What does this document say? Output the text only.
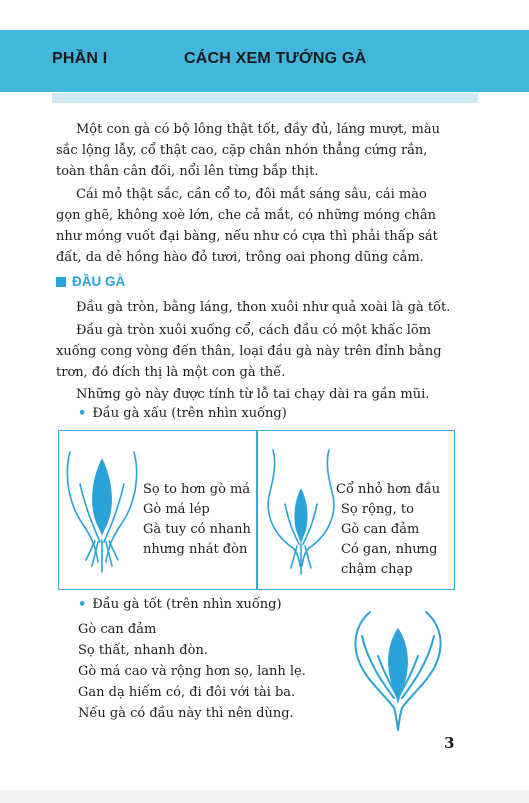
PHẦN I	CÁCH XEM TƯỚNG GÀ
Một con gà có bộ lông thật tốt, đầy đủ, láng mượt, màu
sắc lộng lẫy, cổ thật cao, cặp chân nhón thẳng cứng rắn,
toàn thân cân đối, nổi lên từng bắp thịt.
Cái mỏ thật sắc, cần cổ to, đôi mắt sáng sâu, cái mào
gọn ghẽ, không xoè lớn, che cả mắt, có những móng chân
như móng vuốt đại bàng, nếu như có cựa thì phải thấp sát
đất, da dẻ hồng hào đỏ tươi, trông oai phong dũng cảm.
ĐẦU GÀ
Đầu gà tròn, bằng láng, thon xuôi như quả xoài là gà tốt.
Đầu gà tròn xuôi xuống cổ, cách đầu có một khấc lõm
xuống cong vòng đến thân, loại đầu gà này trên đỉnh bằng
trơn, đó đích thị là một con gà thế.
Những gò này được tính từ lỗ tai chạy dài ra gần mũi.
• Đầu gà xấu (trên nhìn xuống)
Sọ to hơn gò má
Gò má lép
Gà tuy có nhanh
nhưng nhát đòn
Cổ nhỏ hơn đầu
Sọ rộng, to
Gò can đảm
Có gan, nhưng
chậm chạp
• Đầu gà tốt (trên nhìn xuống)
Gò can đảm
Sọ thất, nhanh đòn.
Gò má cao và rộng hơn sọ, lanh lẹ.
Gan dạ hiếm có, đi đôi với tài ba.
Nếu gà có đầu này thì nên dùng.
3
